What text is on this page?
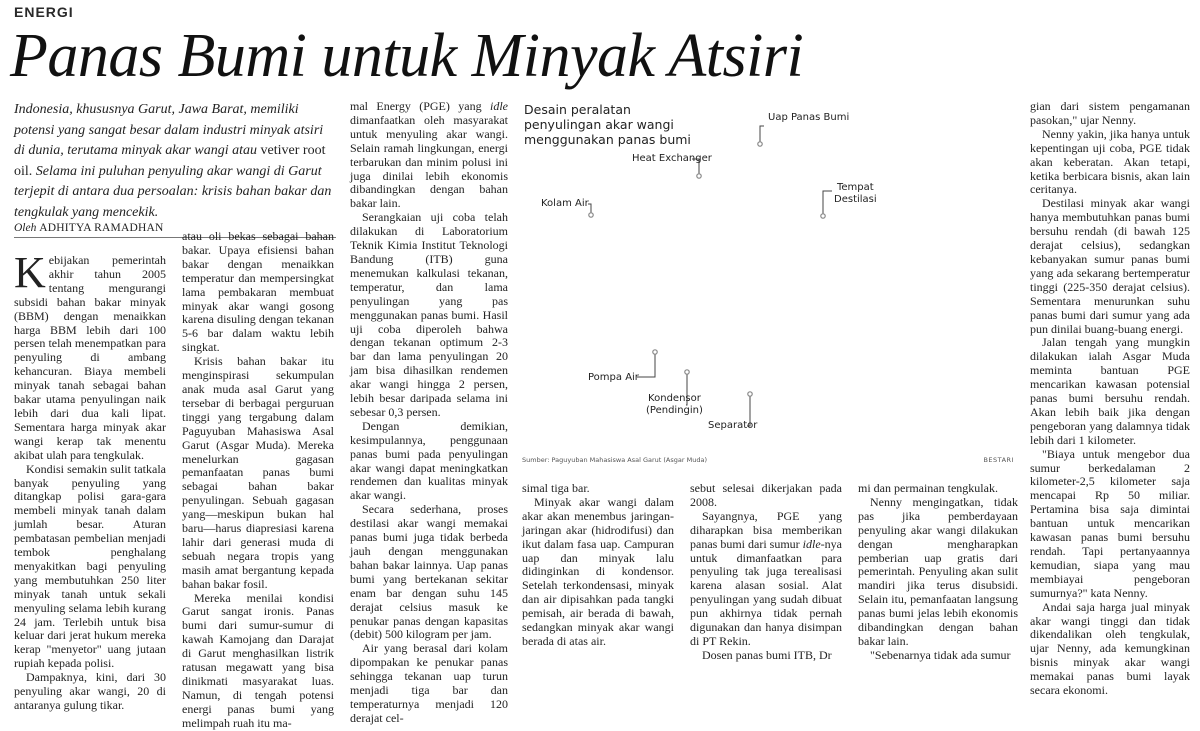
ENERGI
Panas Bumi untuk Minyak Atsiri
Indonesia, khususnya Garut, Jawa Barat, memiliki potensi yang sangat besar dalam industri minyak atsiri di dunia, terutama minyak akar wangi atau vetiver root oil. Selama ini puluhan penyuling akar wangi di Garut terjepit di antara dua persoalan: krisis bahan bakar dan tengkulak yang mencekik.
Oleh ADHITYA RAMADHAN

Kebijakan pemerintah akhir tahun 2005 tentang mengurangi subsidi bahan bakar minyak (BBM) dengan menaikkan harga BBM lebih dari 100 persen telah menempatkan para penyuling di ambang kehancuran. Biaya membeli minyak tanah sebagai bahan bakar utama penyulingan naik lebih dari dua kali lipat. Sementara harga minyak akar wangi kerap tak menentu akibat ulah para tengkulak.

Kondisi semakin sulit tatkala banyak penyuling yang ditangkap polisi gara-gara membeli minyak tanah dalam jumlah besar. Aturan pembatasan pembelian menjadi tembok penghalang menyakitkan bagi penyuling yang membutuhkan 250 liter minyak tanah untuk sekali menyuling selama lebih kurang 24 jam. Terlebih untuk bisa keluar dari jerat hukum mereka kerap "menyetor" uang jutaan rupiah kepada polisi.

Dampaknya, kini, dari 30 penyuling akar wangi, 20 di antaranya gulung tikar.

atau oli bekas sebagai bahan bakar. Upaya efisiensi bahan bakar dengan menaikkan temperatur dan mempersingkat lama pembakaran membuat minyak akar wangi gosong karena disuling dengan tekanan 5-6 bar dalam waktu lebih singkat.

Krisis bahan bakar itu menginspirasi sekumpulan anak muda asal Garut yang tersebar di berbagai perguruan tinggi yang tergabung dalam Paguyuban Mahasiswa Asal Garut (Asgar Muda). Mereka menelurkan gagasan pemanfaatan panas bumi sebagai bahan bakar penyulingan. Sebuah gagasan yang—meskipun bukan hal baru—harus diapresiasi karena lahir dari generasi muda di sebuah negara tropis yang masih amat bergantung kepada bahan bakar fosil.

Mereka menilai kondisi Garut sangat ironis. Panas bumi dari sumur-sumur di kawah Kamojang dan Darajat di Garut menghasilkan listrik ratusan megawatt yang bisa dinikmati masyarakat luas. Namun, di tengah potensi energi panas bumi yang melimpah ruah itu ma-

mal Energy (PGE) yang idle dimanfaatkan oleh masyarakat untuk menyuling akar wangi. Selain ramah lingkungan, energi terbarukan dan minim polusi ini juga dinilai lebih ekonomis dibandingkan dengan bahan bakar lain.

Serangkaian uji coba telah dilakukan di Laboratorium Teknik Kimia Institut Teknologi Bandung (ITB) guna menemukan kalkulasi tekanan, temperatur, dan lama penyulingan yang pas menggunakan panas bumi. Hasil uji coba diperoleh bahwa dengan tekanan optimum 2-3 bar dan lama penyulingan 20 jam bisa dihasilkan rendemen akar wangi hingga 2 persen, lebih besar daripada selama ini sebesar 0,3 persen.

Dengan demikian, kesimpulannya, penggunaan panas bumi pada penyulingan akar wangi dapat meningkatkan rendemen dan kualitas minyak akar wangi.

Secara sederhana, proses destilasi akar wangi memakai panas bumi juga tidak berbeda jauh dengan menggunakan bahan bakar lainnya. Uap panas bumi yang bertekanan sekitar enam bar dengan suhu 145 derajat celsius masuk ke penukar panas dengan kapasitas (debit) 500 kilogram per jam.

Air yang berasal dari kolam dipompakan ke penukar panas sehingga tekanan uap turun menjadi tiga bar dan temperaturnya menjadi 120 derajat cel-

Desain peralatan penyulingan akar wangi menggunakan panas bumi
Uap Panas Bumi
Heat Exchanger
Tempat
Destilasi
Kolam Air
Pompa Air
Kondensor
(Pendingin)
Separator
Sumber: Paguyuban Mahasiswa Asal Garut (Asgar Muda)	BESTARI

simal tiga bar.

Minyak akar wangi dalam akar akan menembus jaringan-jaringan akar (hidrodifusi) dan ikut dalam fasa uap. Campuran uap dan minyak lalu didinginkan di kondensor. Setelah terkondensasi, minyak dan air dipisahkan pada tangki pemisah, air berada di bawah, sedangkan minyak akar wangi berada di atas air.

sebut selesai dikerjakan pada 2008.

Sayangnya, PGE yang diharapkan bisa memberikan panas bumi dari sumur idle-nya untuk dimanfaatkan para penyuling tak juga terealisasi karena alasan sosial. Alat penyulingan yang sudah dibuat pun akhirnya tidak pernah digunakan dan hanya disimpan di PT Rekin.

Dosen panas bumi ITB, Dr

mi dan permainan tengkulak.

Nenny mengingatkan, tidak pas jika pemberdayaan penyuling akar wangi dilakukan dengan mengharapkan pemberian uap gratis dari pemerintah. Penyuling akan sulit mandiri jika terus disubsidi. Selain itu, pemanfaatan langsung panas bumi jelas lebih ekonomis dibandingkan dengan bahan bakar lain.

"Sebenarnya tidak ada sumur

gian dari sistem pengamanan pasokan," ujar Nenny.

Nenny yakin, jika hanya untuk kepentingan uji coba, PGE tidak akan keberatan. Akan tetapi, ketika berbicara bisnis, akan lain ceritanya.

Destilasi minyak akar wangi hanya membutuhkan panas bumi bersuhu rendah (di bawah 125 derajat celsius), sedangkan kebanyakan sumur panas bumi yang ada sekarang bertemperatur tinggi (225-350 derajat celsius). Sementara menurunkan suhu panas bumi dari sumur yang ada pun dinilai buang-buang energi.

Jalan tengah yang mungkin dilakukan ialah Asgar Muda meminta bantuan PGE mencarikan kawasan potensial panas bumi bersuhu rendah. Akan lebih baik jika dengan pengeboran yang dalamnya tidak lebih dari 1 kilometer.

"Biaya untuk mengebor dua sumur berkedalaman 2 kilometer-2,5 kilometer saja mencapai Rp 50 miliar. Pertamina bisa saja dimintai bantuan untuk mencarikan kawasan panas bumi bersuhu rendah. Tapi pertanyaannya kemudian, siapa yang mau membiayai pengeboran sumurnya?" kata Nenny.

Andai saja harga jual minyak akar wangi tinggi dan tidak dikendalikan oleh tengkulak, ujar Nenny, ada kemungkinan bisnis minyak akar wangi memakai panas bumi layak secara ekonomi.
